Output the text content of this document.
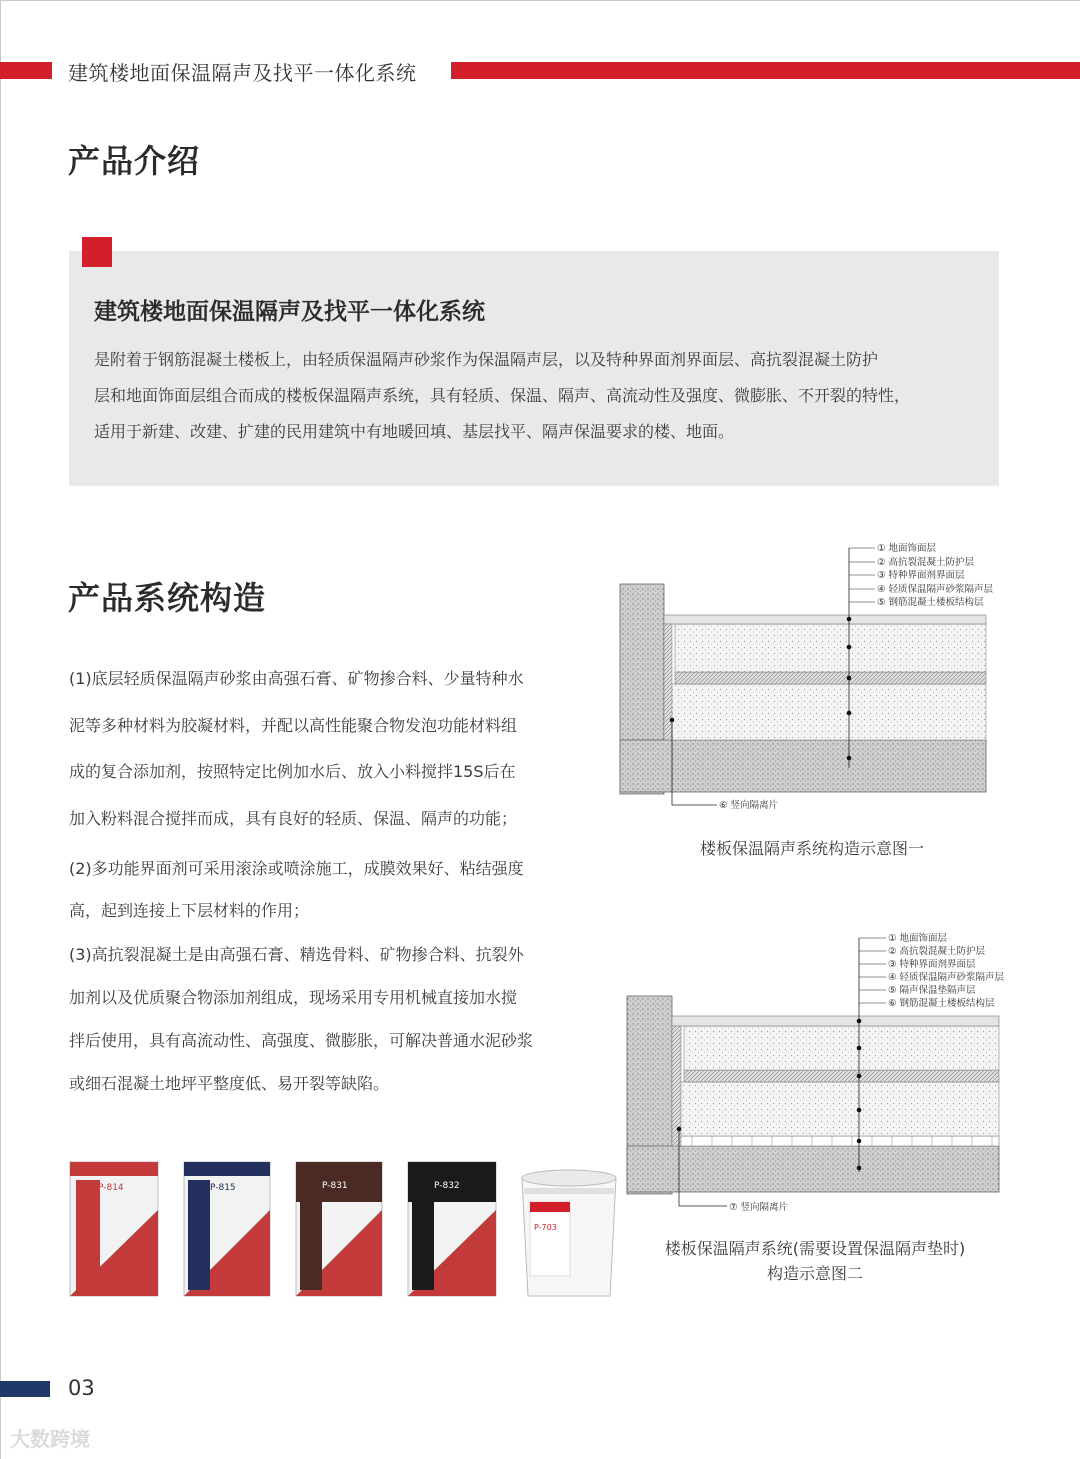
建筑楼地面保温隔声及找平一体化系统
产品介绍
建筑楼地面保温隔声及找平一体化系统
是附着于钢筋混凝土楼板上，由轻质保温隔声砂浆作为保温隔声层，以及特种界面剂界面层、高抗裂混凝土防护
层和地面饰面层组合而成的楼板保温隔声系统，具有轻质、保温、隔声、高流动性及强度、微膨胀、不开裂的特性，
适用于新建、改建、扩建的民用建筑中有地暖回填、基层找平、隔声保温要求的楼、地面。
产品系统构造
(1)底层轻质保温隔声砂浆由高强石膏、矿物掺合料、少量特种水
泥等多种材料为胶凝材料，并配以高性能聚合物发泡功能材料组
成的复合添加剂，按照特定比例加水后、放入小料搅拌15S后在
加入粉料混合搅拌而成，具有良好的轻质、保温、隔声的功能；
(2)多功能界面剂可采用滚涂或喷涂施工，成膜效果好、粘结强度
高，起到连接上下层材料的作用；
(3)高抗裂混凝土是由高强石膏、精选骨料、矿物掺合料、抗裂外
加剂以及优质聚合物添加剂组成，现场采用专用机械直接加水搅
拌后使用，具有高流动性、高强度、微膨胀，可解决普通水泥砂浆
或细石混凝土地坪平整度低、易开裂等缺陷。
① 地面饰面层
② 高抗裂混凝土防护层
③ 特种界面剂界面层
④ 轻质保温隔声砂浆隔声层
⑤ 钢筋混凝土楼板结构层
⑥ 竖向隔离片
楼板保温隔声系统构造示意图一
① 地面饰面层
② 高抗裂混凝土防护层
③ 特种界面剂界面层
④ 轻质保温隔声砂浆隔声层
⑤ 隔声保温垫隔声层
⑥ 钢筋混凝土楼板结构层
⑦ 竖向隔离片
楼板保温隔声系统(需要设置保温隔声垫时)
构造示意图二
P-814	P-815	P-831	P-832
P-703
03
大数跨境
